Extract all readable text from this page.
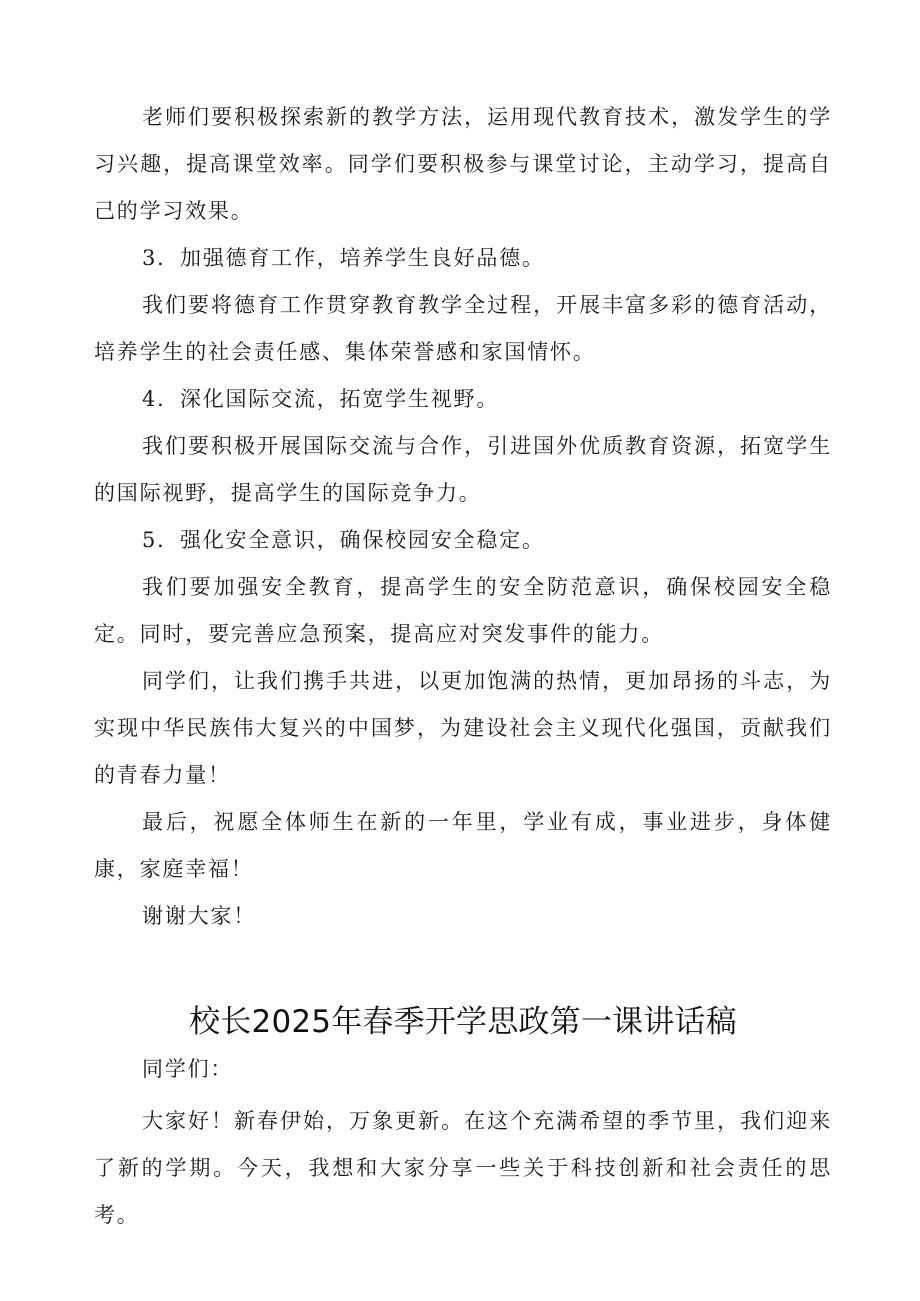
老师们要积极探索新的教学方法，运用现代教育技术，激发学生的学习兴趣，提高课堂效率。同学们要积极参与课堂讨论，主动学习，提高自己的学习效果。

3．加强德育工作，培养学生良好品德。

我们要将德育工作贯穿教育教学全过程，开展丰富多彩的德育活动，培养学生的社会责任感、集体荣誉感和家国情怀。

4．深化国际交流，拓宽学生视野。

我们要积极开展国际交流与合作，引进国外优质教育资源，拓宽学生的国际视野，提高学生的国际竞争力。

5．强化安全意识，确保校园安全稳定。

我们要加强安全教育，提高学生的安全防范意识，确保校园安全稳定。同时，要完善应急预案，提高应对突发事件的能力。

同学们，让我们携手共进，以更加饱满的热情，更加昂扬的斗志，为实现中华民族伟大复兴的中国梦，为建设社会主义现代化强国，贡献我们的青春力量！

最后，祝愿全体师生在新的一年里，学业有成，事业进步，身体健康，家庭幸福！

谢谢大家！

校长2025年春季开学思政第一课讲话稿

同学们：

大家好！新春伊始，万象更新。在这个充满希望的季节里，我们迎来了新的学期。今天，我想和大家分享一些关于科技创新和社会责任的思考。
